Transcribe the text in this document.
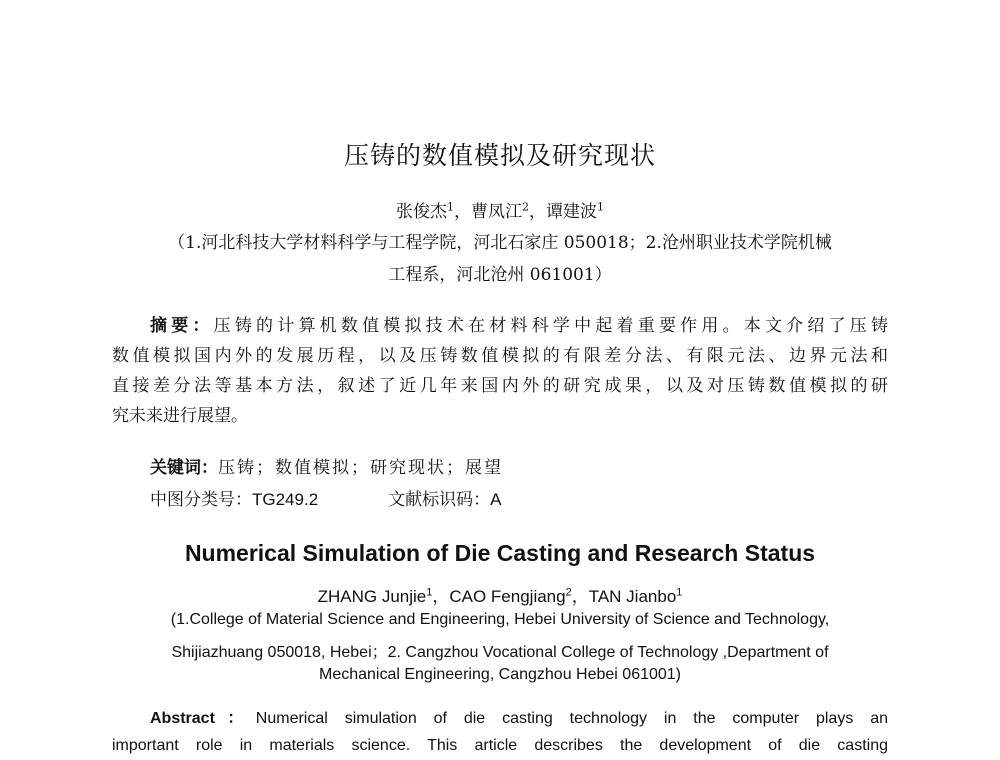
压铸的数值模拟及研究现状
张俊杰$^1$，曹凤江$^2$，谭建波$^1$
（1.河北科技大学材料科学与工程学院，河北石家庄 050018；2.沧州职业技术学院机械
工程系，河北沧州 061001）
摘要：压铸的计算机数值模拟技术在材料科学中起着重要作用。本文介绍了压铸
数值模拟国内外的发展历程，以及压铸数值模拟的有限差分法、有限元法、边界元法和
直接差分法等基本方法，叙述了近几年来国内外的研究成果，以及对压铸数值模拟的研
究未来进行展望。
关键词：压铸；数值模拟；研究现状；展望
中图分类号：TG249.2	文献标识码：A
Numerical Simulation of Die Casting and Research Status
ZHANG Junjie$^1$，CAO Fengjiang$^2$，TAN Jianbo$^1$
(1.College of Material Science and Engineering, Hebei University of Science and Technology,
Shijiazhuang 050018, Hebei；2. Cangzhou Vocational College of Technology ,Department of
Mechanical Engineering, Cangzhou Hebei 061001)
Abstract：Numerical simulation of die casting technology in the computer plays an
important role in materials science. This article describes the development of die casting
